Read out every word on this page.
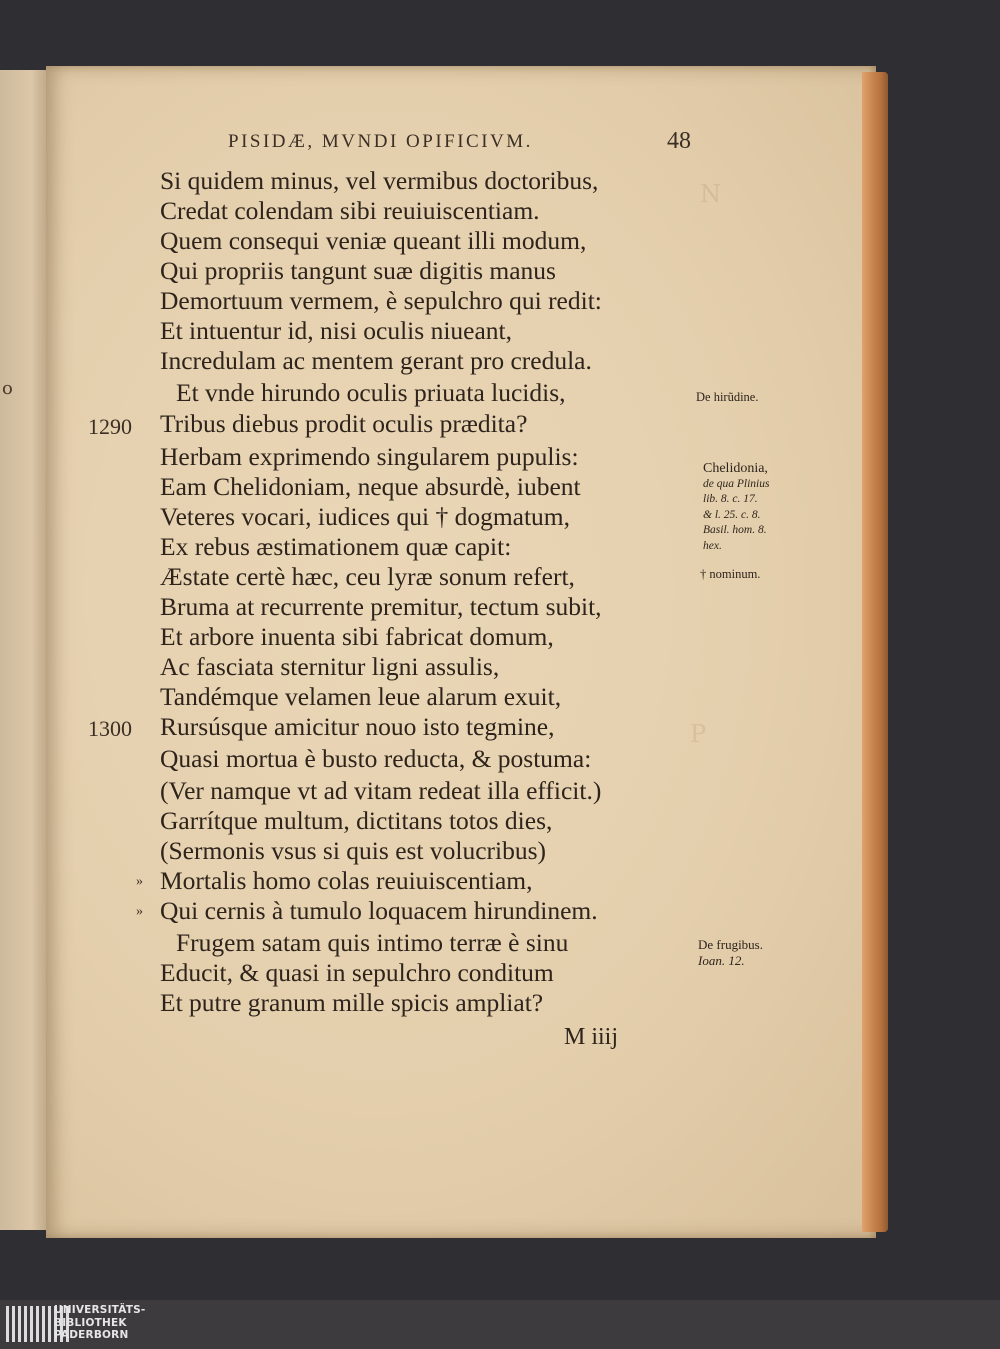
o
N
P
PISIDÆ, MVNDI OPIFICIVM.	48
Si quidem minus, vel vermibus doctoribus,
Credat colendam sibi reuiuiscentiam.
Quem consequi veniæ queant illi modum,
Qui propriis tangunt suæ digitis manus
Demortuum vermem, è sepulchro qui redit:
Et intuentur id, nisi oculis niueant,
Incredulam ac mentem gerant pro credula.
Et vnde hirundo oculis priuata lucidis,
Tribus diebus prodit oculis prædita?
Herbam exprimendo singularem pupulis:
Eam Chelidoniam, neque absurdè, iubent
Veteres vocari, iudices qui † dogmatum,
Ex rebus æstimationem quæ capit:
Æstate certè hæc, ceu lyræ sonum refert,
Bruma at recurrente premitur, tectum subit,
Et arbore inuenta sibi fabricat domum,
Ac fasciata sternitur ligni assulis,
Tandémque velamen leue alarum exuit,
Rursúsque amicitur nouo isto tegmine,
Quasi mortua è busto reducta, & postuma:
(Ver namque vt ad vitam redeat illa efficit.)
Garrítque multum, dictitans totos dies,
(Sermonis vsus si quis est volucribus)
Mortalis homo colas reuiuiscentiam,
Qui cernis à tumulo loquacem hirundinem.
Frugem satam quis intimo terræ è sinu
Educit, & quasi in sepulchro conditum
Et putre granum mille spicis ampliat?
1290
1300
»
»
De hirũdine.
Chelidonia,
de qua Plinius
lib. 8. c. 17.
& l. 25. c. 8.
Basil. hom. 8.
hex.
† nominum.
De frugibus.
Ioan. 12.
M iiij
UNIVERSITÄTS-
BIBLIOTHEK
PADERBORN
